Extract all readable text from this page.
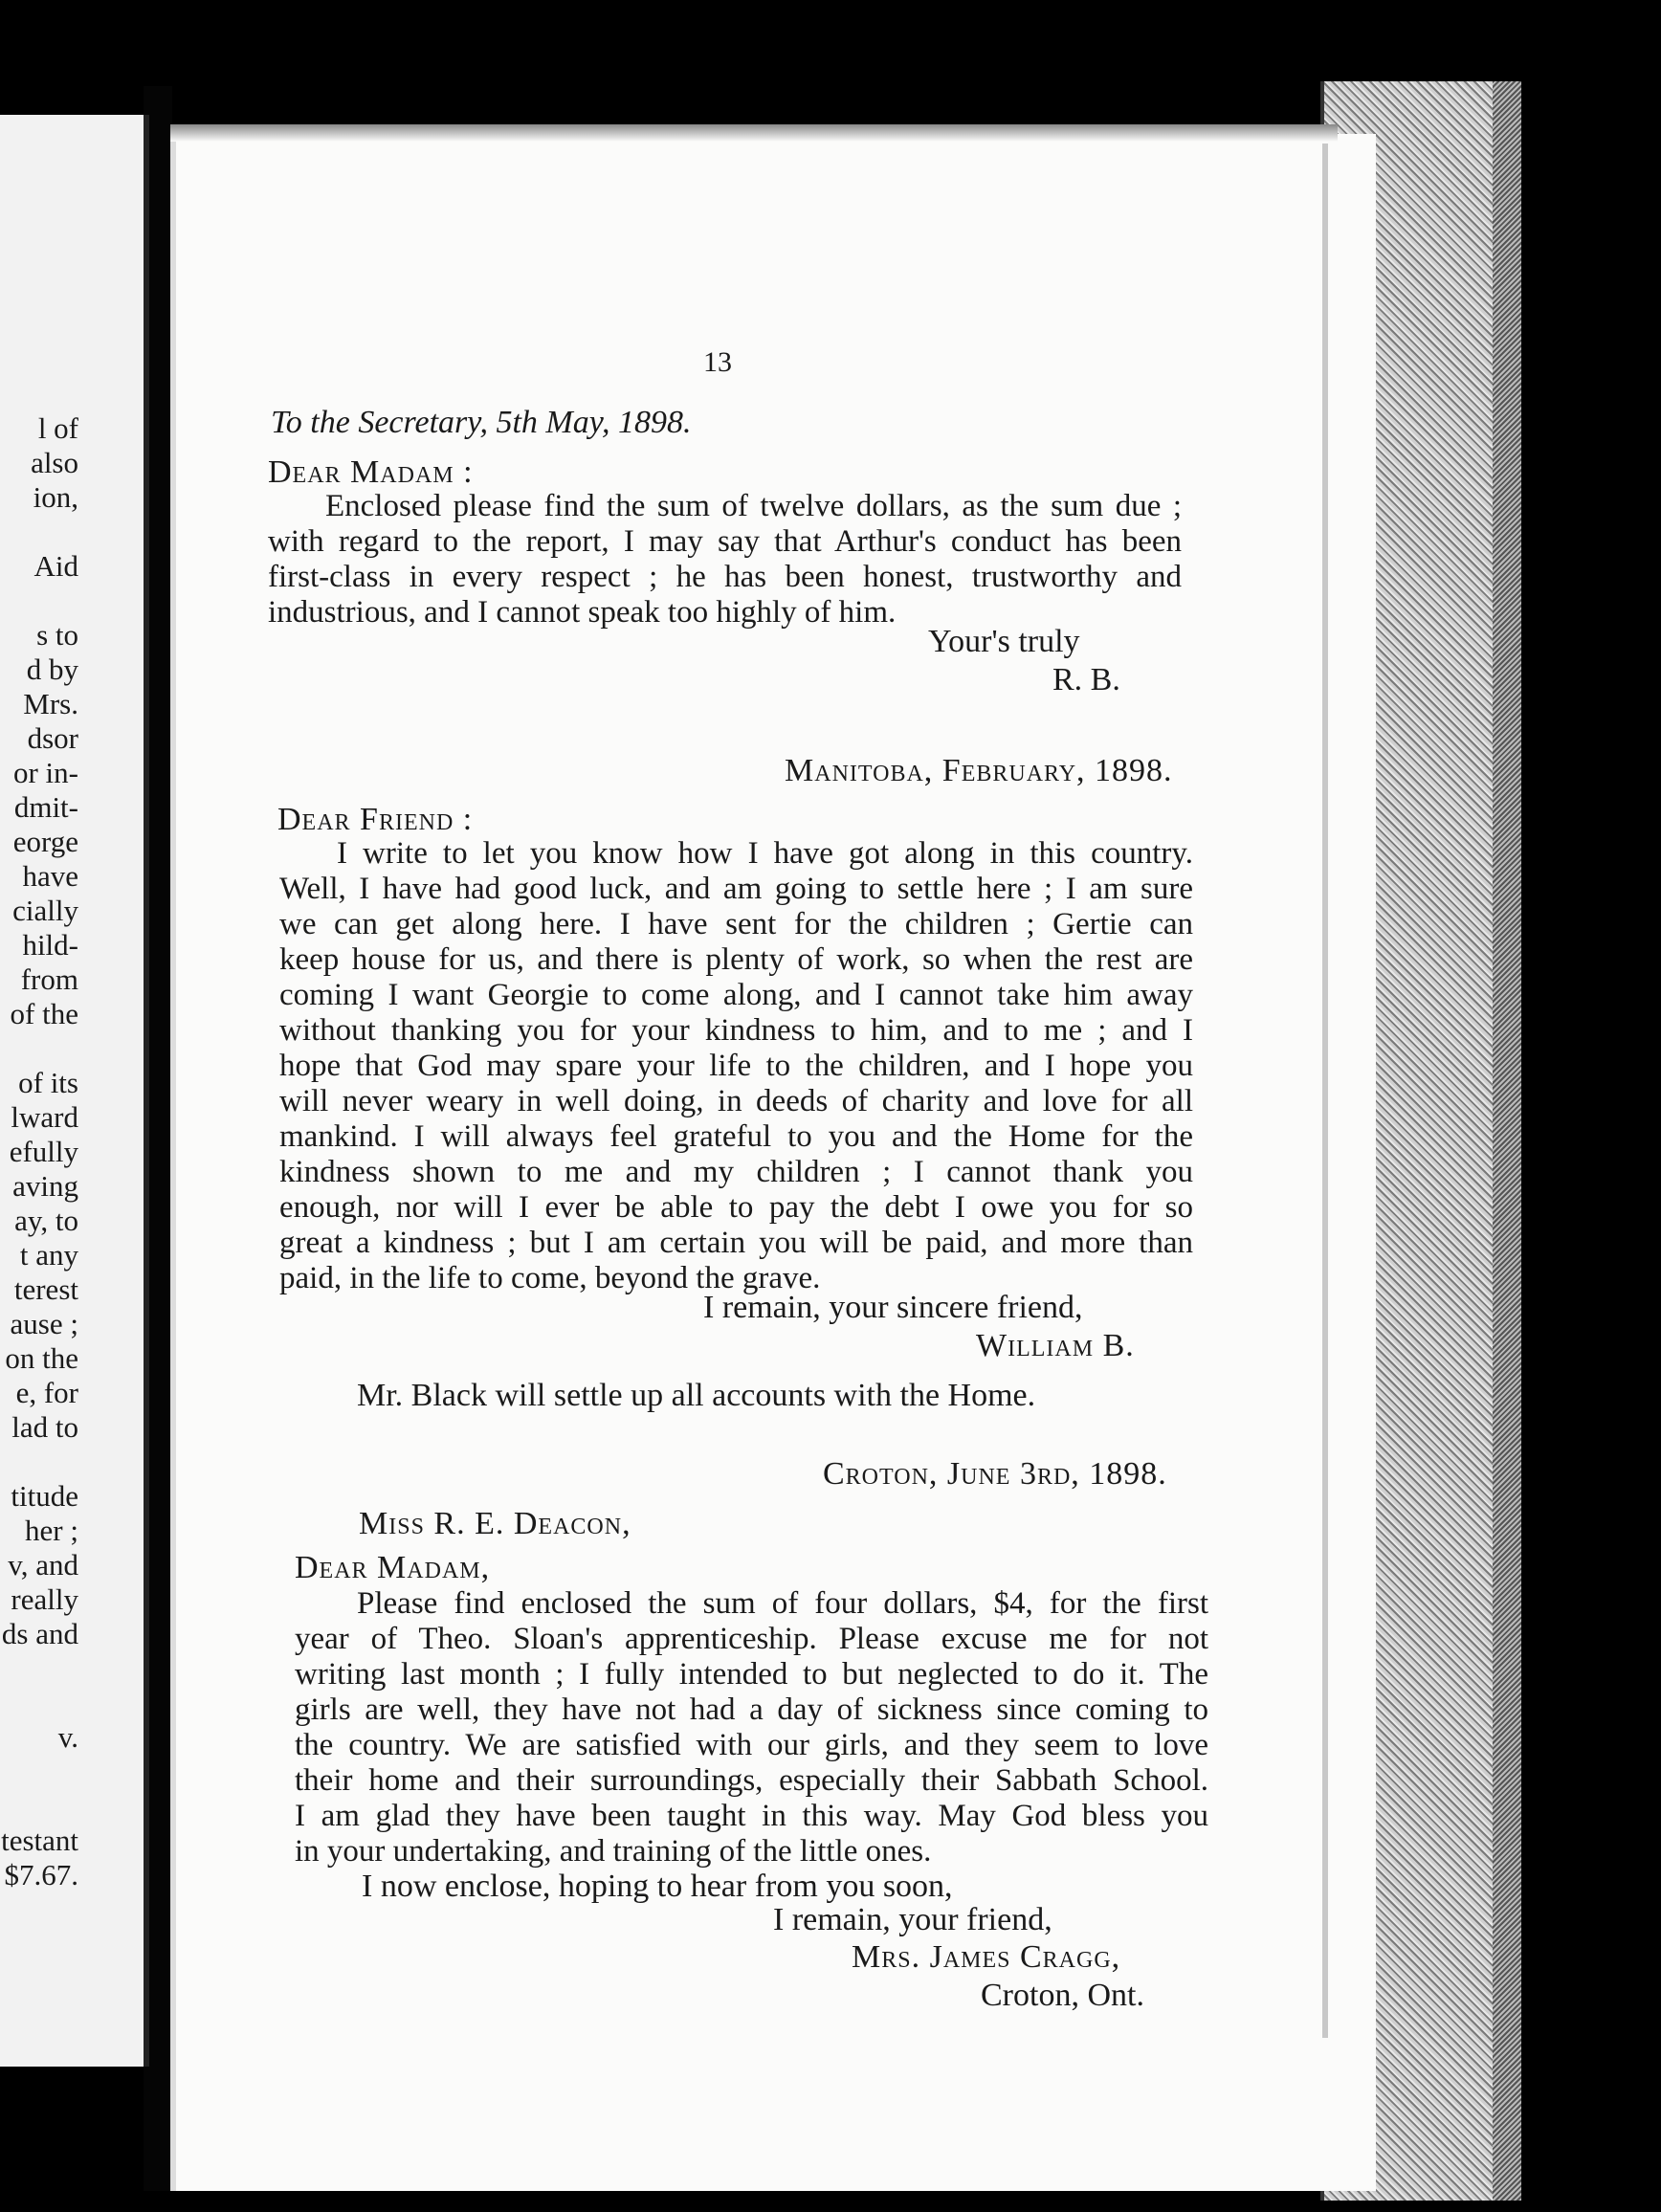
l of
also
ion,

Aid

s to
d by
Mrs.
dsor
or in-
dmit-
eorge
have
cially
hild-
from
of the

of its
lward
efully
aving
ay, to
t any
terest
ause ;
on the
e, for
lad to

titude
her ;
v, and
really
ds and

v.

testant
$7.67.
13
To the Secretary, 5th May, 1898.
Dear Madam :
Enclosed please find the sum of twelve dollars, as the sum due ;
with regard to the report, I may say that Arthur's conduct has been
first-class in every respect ; he has been honest, trustworthy and
industrious, and I cannot speak too highly of him.
Your's truly
R. B.
Manitoba, February, 1898.
Dear Friend :
I write to let you know how I have got along in this country.
Well, I have had good luck, and am going to settle here ; I am sure
we can get along here. I have sent for the children ; Gertie can
keep house for us, and there is plenty of work, so when the rest are
coming I want Georgie to come along, and I cannot take him away
without thanking you for your kindness to him, and to me ; and I
hope that God may spare your life to the children, and I hope you
will never weary in well doing, in deeds of charity and love for all
mankind. I will always feel grateful to you and the Home for the
kindness shown to me and my children ; I cannot thank you
enough, nor will I ever be able to pay the debt I owe you for so
great a kindness ; but I am certain you will be paid, and more than
paid, in the life to come, beyond the grave.
I remain, your sincere friend,
William B.
Mr. Black will settle up all accounts with the Home.
Croton, June 3rd, 1898.
Miss R. E. Deacon,
Dear Madam,
Please find enclosed the sum of four dollars, $4, for the first
year of Theo. Sloan's apprenticeship. Please excuse me for not
writing last month ; I fully intended to but neglected to do it. The
girls are well, they have not had a day of sickness since coming to
the country. We are satisfied with our girls, and they seem to love
their home and their surroundings, especially their Sabbath School.
I am glad they have been taught in this way. May God bless you
in your undertaking, and training of the little ones.
I now enclose, hoping to hear from you soon,
I remain, your friend,
Mrs. James Cragg,
Croton, Ont.
